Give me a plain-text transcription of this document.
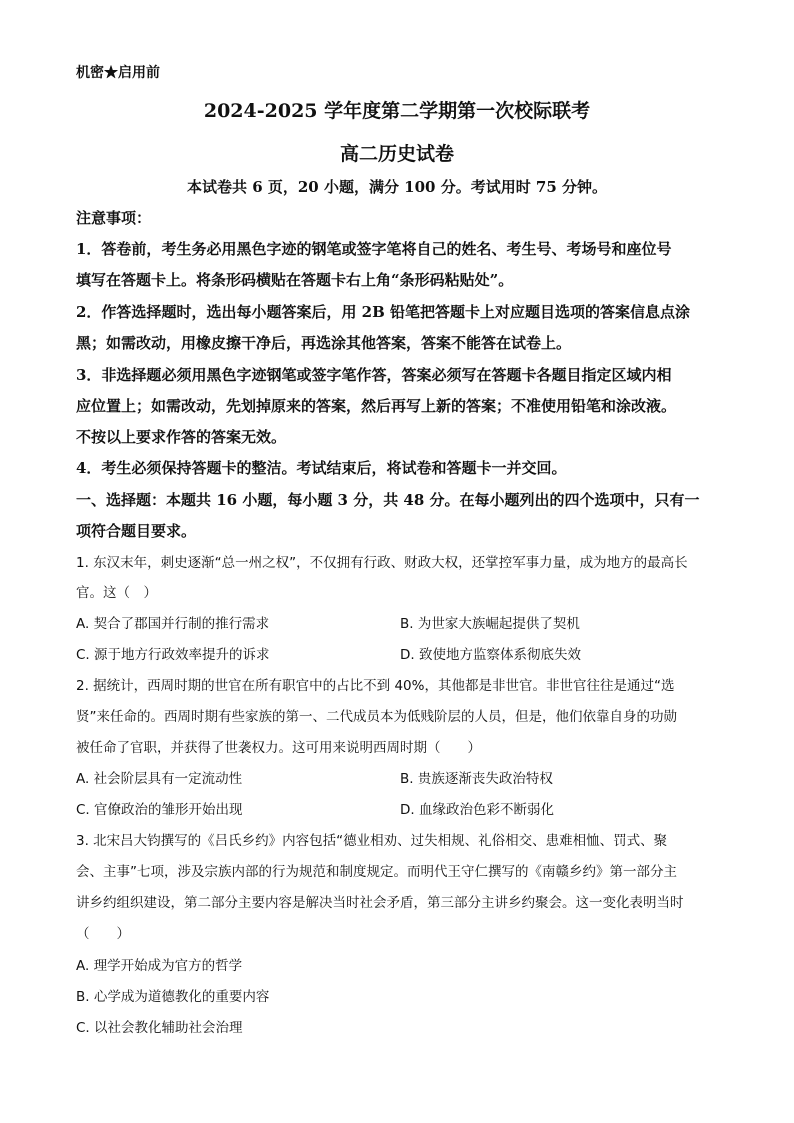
机密★启用前
2024-2025 学年度第二学期第一次校际联考
高二历史试卷
本试卷共 6 页，20 小题，满分 100 分。考试用时 75 分钟。
注意事项：
1．答卷前，考生务必用黑色字迹的钢笔或签字笔将自己的姓名、考生号、考场号和座位号
填写在答题卡上。将条形码横贴在答题卡右上角“条形码粘贴处”。
2．作答选择题时，选出每小题答案后，用 2B 铅笔把答题卡上对应题目选项的答案信息点涂
黑；如需改动，用橡皮擦干净后，再选涂其他答案，答案不能答在试卷上。
3．非选择题必须用黑色字迹钢笔或签字笔作答，答案必须写在答题卡各题目指定区域内相
应位置上；如需改动，先划掉原来的答案，然后再写上新的答案；不准使用铅笔和涂改液。
不按以上要求作答的答案无效。
4．考生必须保持答题卡的整洁。考试结束后，将试卷和答题卡一并交回。
一、选择题：本题共 16 小题，每小题 3 分，共 48 分。在每小题列出的四个选项中，只有一
项符合题目要求。
1. 东汉末年，刺史逐渐“总一州之权”，不仅拥有行政、财政大权，还掌控军事力量，成为地方的最高长
官。这（　）
A. 契合了郡国并行制的推行需求	B. 为世家大族崛起提供了契机
C. 源于地方行政效率提升的诉求	D. 致使地方监察体系彻底失效
2. 据统计，西周时期的世官在所有职官中的占比不到 40%，其他都是非世官。非世官往往是通过“选
贤”来任命的。西周时期有些家族的第一、二代成员本为低贱阶层的人员，但是，他们依靠自身的功勋
被任命了官职，并获得了世袭权力。这可用来说明西周时期（　　）
A. 社会阶层具有一定流动性	B. 贵族逐渐丧失政治特权
C. 官僚政治的雏形开始出现	D. 血缘政治色彩不断弱化
3. 北宋吕大钧撰写的《吕氏乡约》内容包括“德业相劝、过失相规、礼俗相交、患难相恤、罚式、聚
会、主事”七项，涉及宗族内部的行为规范和制度规定。而明代王守仁撰写的《南赣乡约》第一部分主
讲乡约组织建设，第二部分主要内容是解决当时社会矛盾，第三部分主讲乡约聚会。这一变化表明当时
（　　）
A. 理学开始成为官方的哲学
B. 心学成为道德教化的重要内容
C. 以社会教化辅助社会治理
